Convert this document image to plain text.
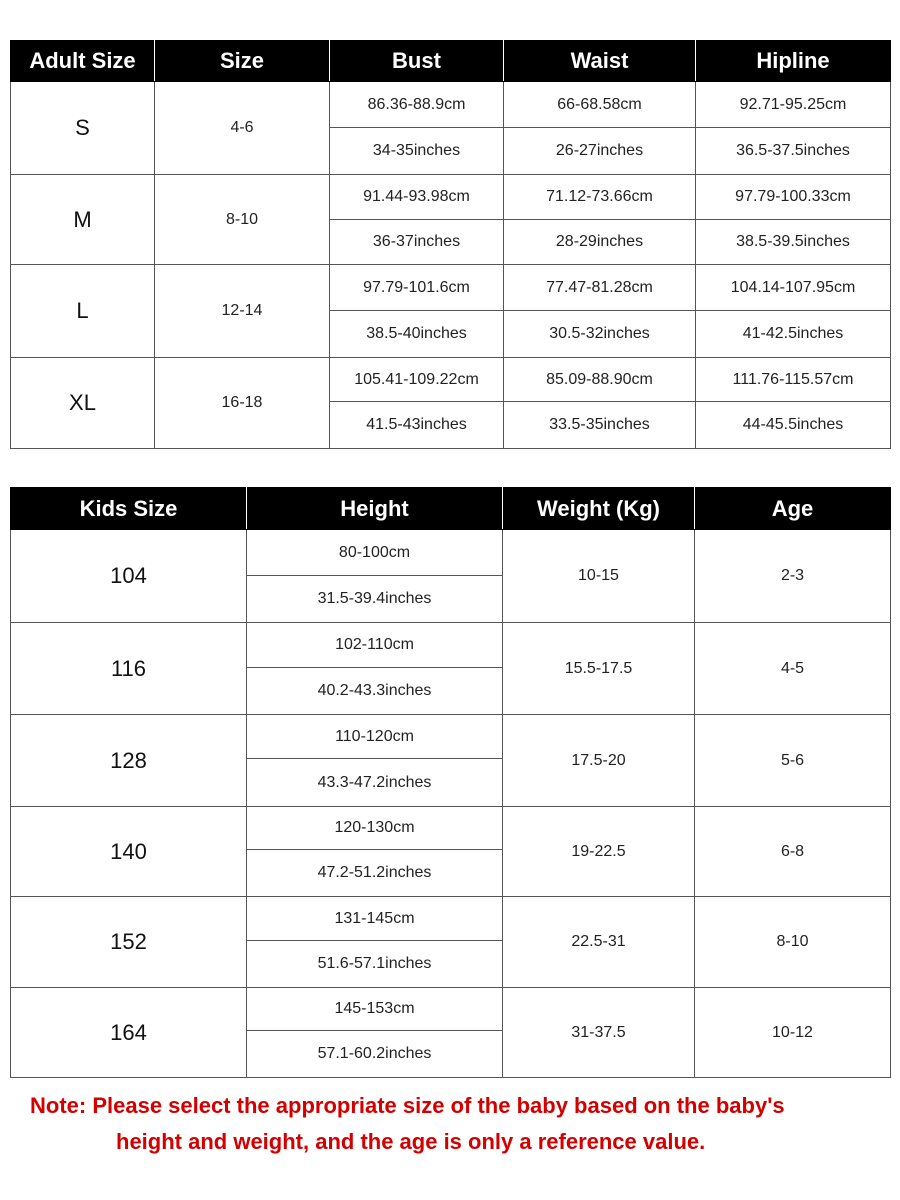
Adult Size	Size	Bust	Waist	Hipline
S	4-6	86.36-88.9cm	66-68.58cm	92.71-95.25cm
		34-35inches	26-27inches	36.5-37.5inches
M	8-10	91.44-93.98cm	71.12-73.66cm	97.79-100.33cm
		36-37inches	28-29inches	38.5-39.5inches
L	12-14	97.79-101.6cm	77.47-81.28cm	104.14-107.95cm
		38.5-40inches	30.5-32inches	41-42.5inches
XL	16-18	105.41-109.22cm	85.09-88.90cm	111.76-115.57cm
		41.5-43inches	33.5-35inches	44-45.5inches
Kids Size	Height	Weight (Kg)	Age
104	80-100cm	10-15	2-3
	31.5-39.4inches		
116	102-110cm	15.5-17.5	4-5
	40.2-43.3inches		
128	110-120cm	17.5-20	5-6
	43.3-47.2inches		
140	120-130cm	19-22.5	6-8
	47.2-51.2inches		
152	131-145cm	22.5-31	8-10
	51.6-57.1inches		
164	145-153cm	31-37.5	10-12
	57.1-60.2inches		
Note: Please select the appropriate size of the baby based on the baby's
height and weight, and the age is only a reference value.
